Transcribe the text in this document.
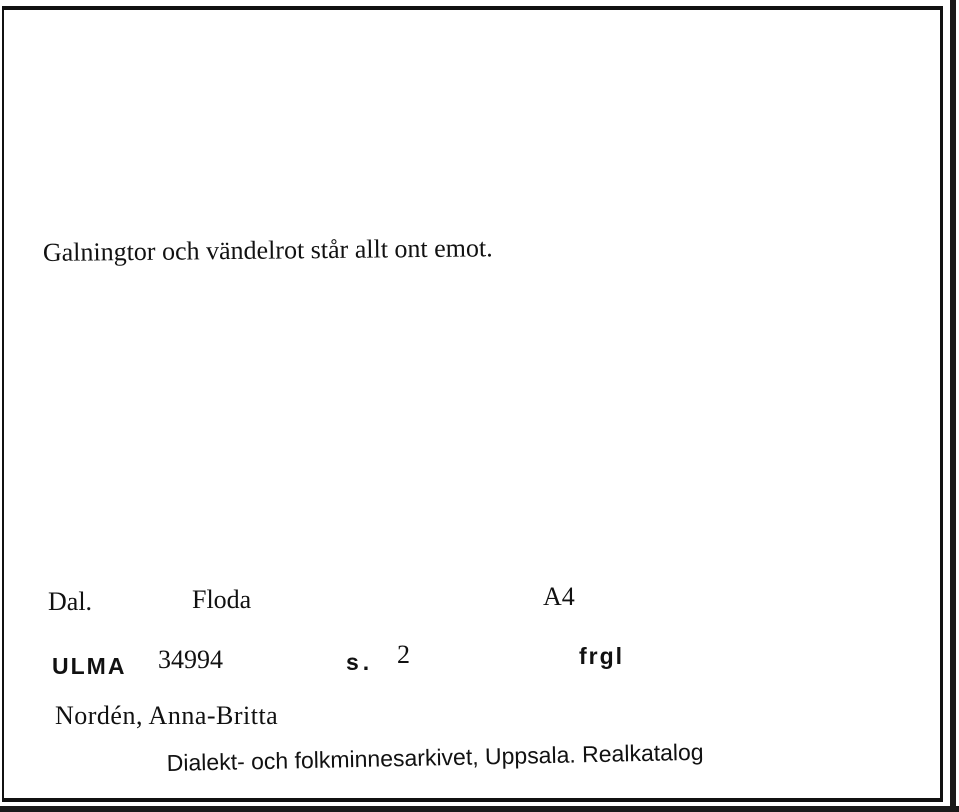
Galningtor och vändelrot står allt ont emot.
Dal.	Floda	A4
ULMA 34994	s. 2	frgl
Nordén, Anna-Britta
Dialekt- och folkminnesarkivet, Uppsala. Realkatalog
